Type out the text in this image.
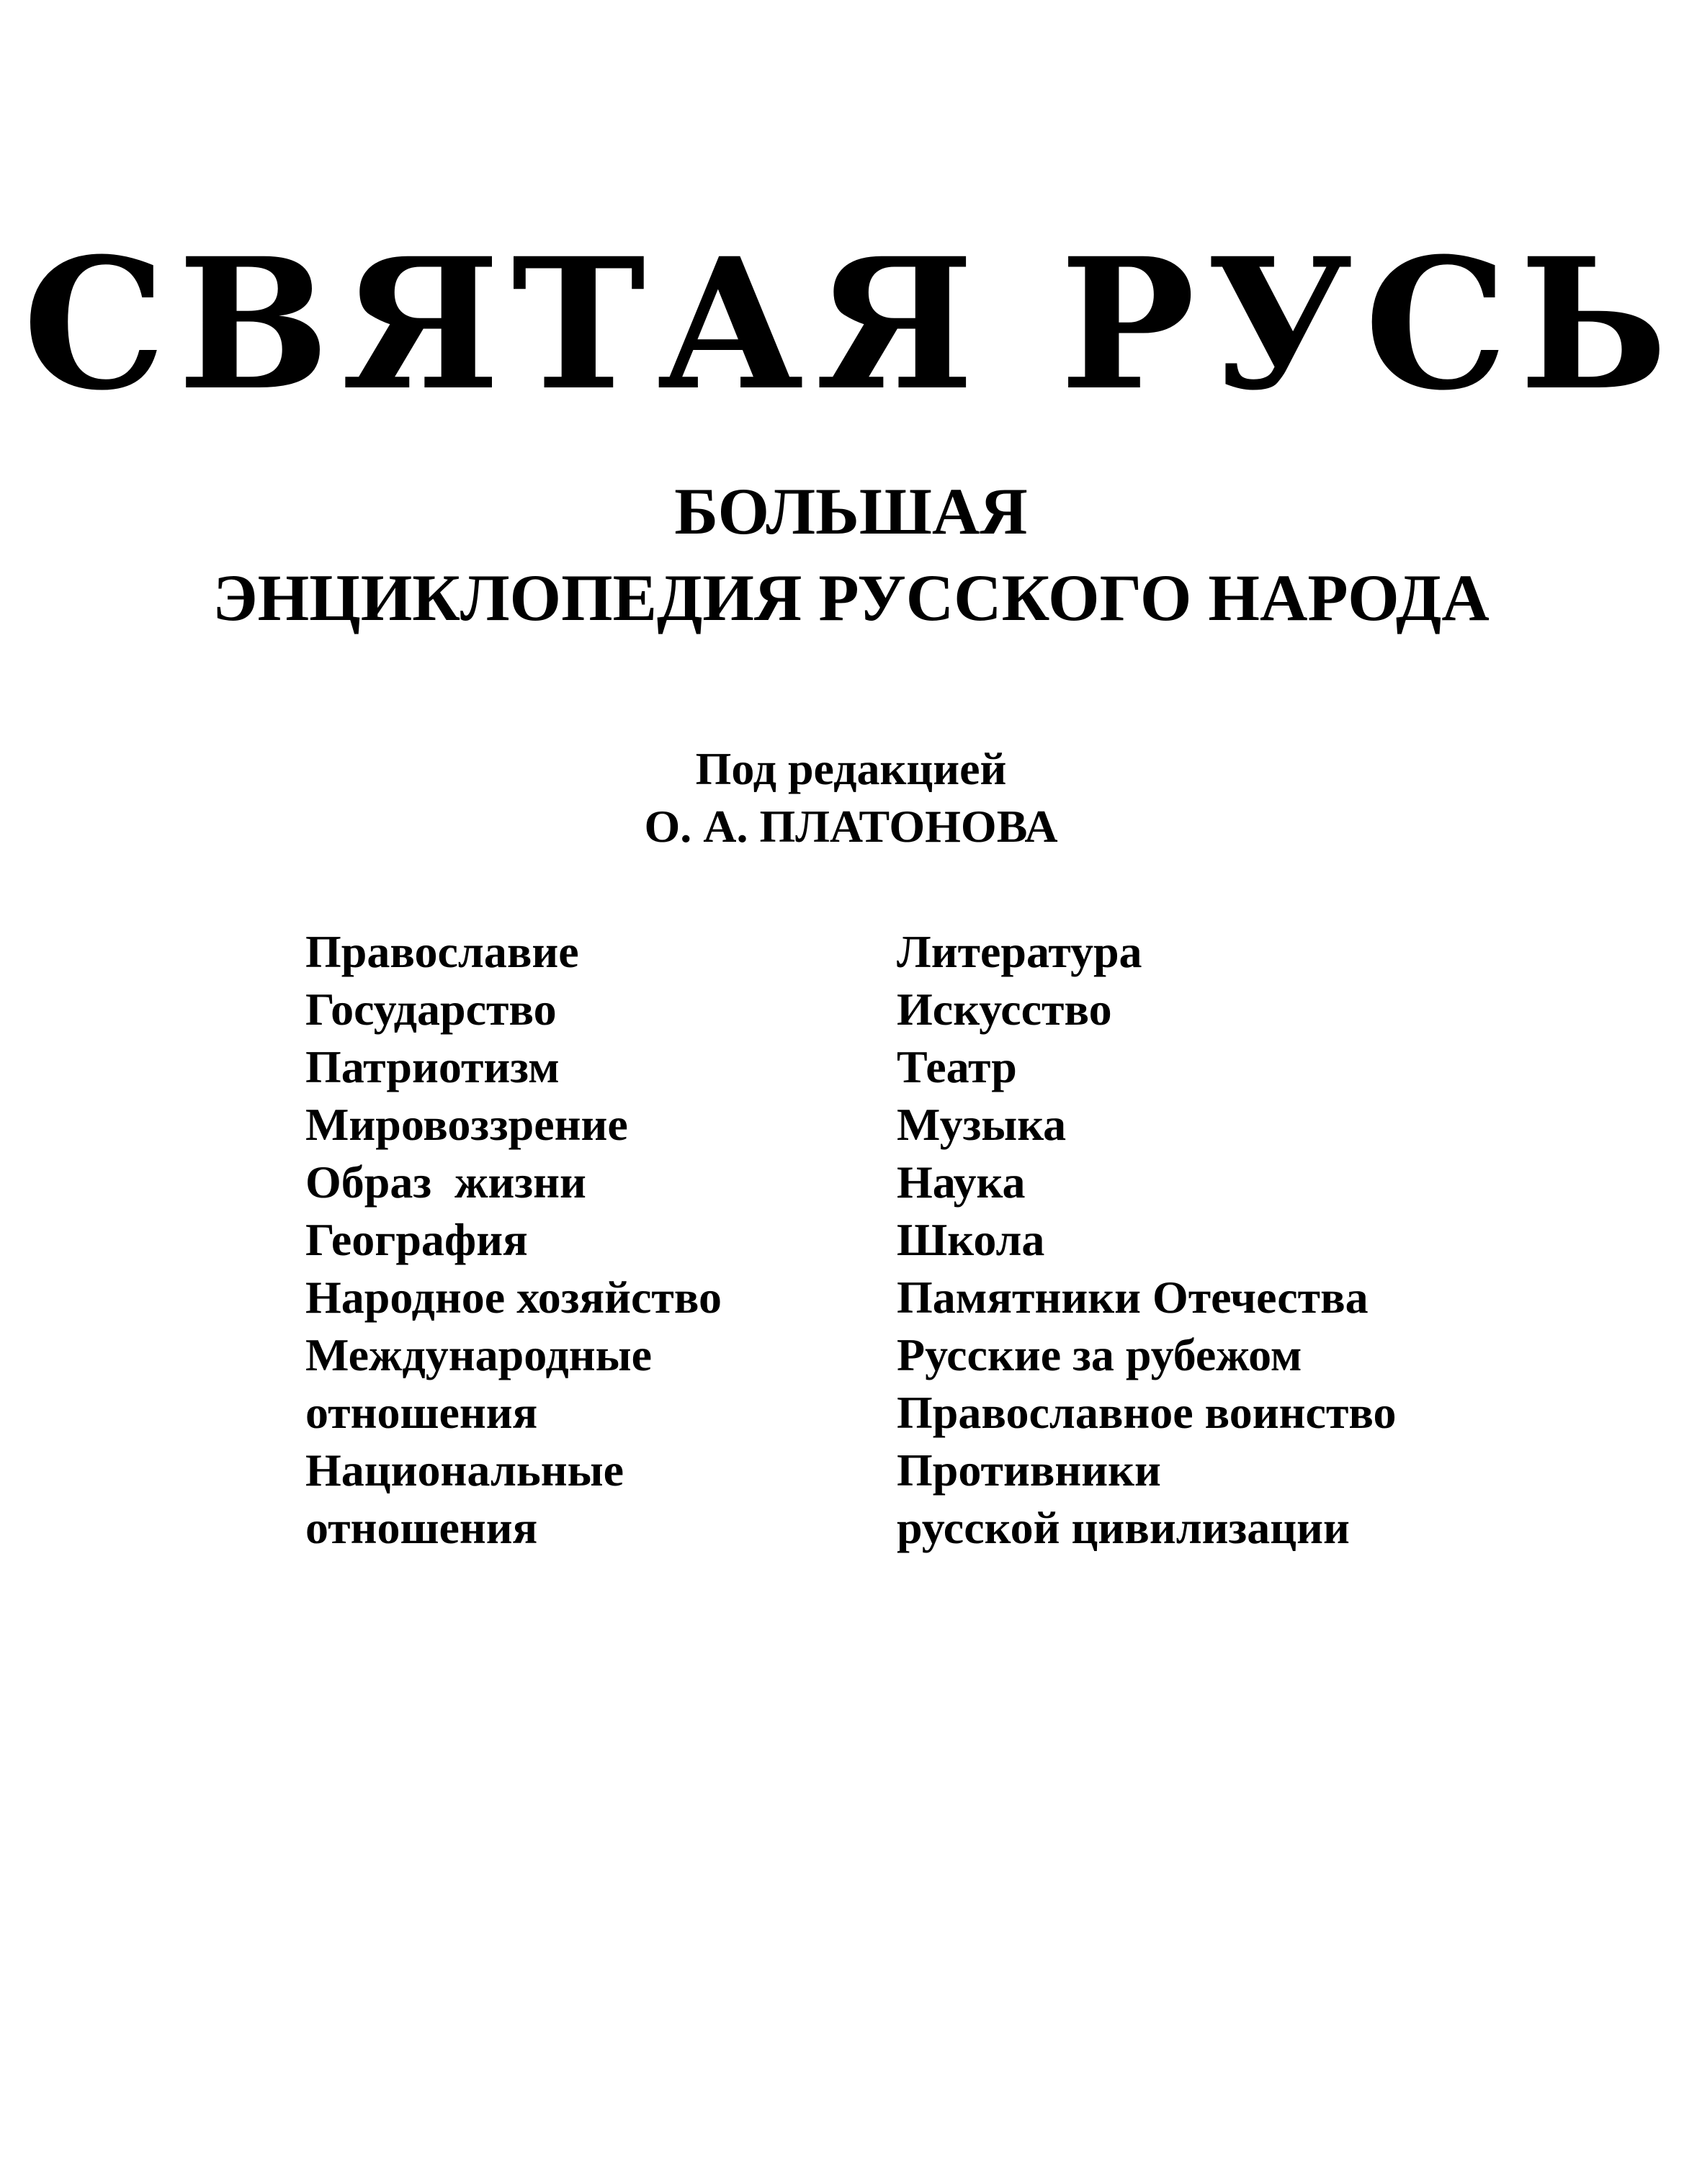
СВЯТАЯ РУСЬ
БОЛЬШАЯ
ЭНЦИКЛОПЕДИЯ РУССКОГО НАРОДА
Под редакцией
О. А. ПЛАТОНОВА
Православие
Государство
Патриотизм
Мировоззрение
Образ  жизни
География
Народное хозяйство
Международные
отношения
Национальные
отношения
Литература
Искусство
Театр
Музыка
Наука
Школа
Памятники Отечества
Русские за рубежом
Православное воинство
Противники
русской цивилизации
